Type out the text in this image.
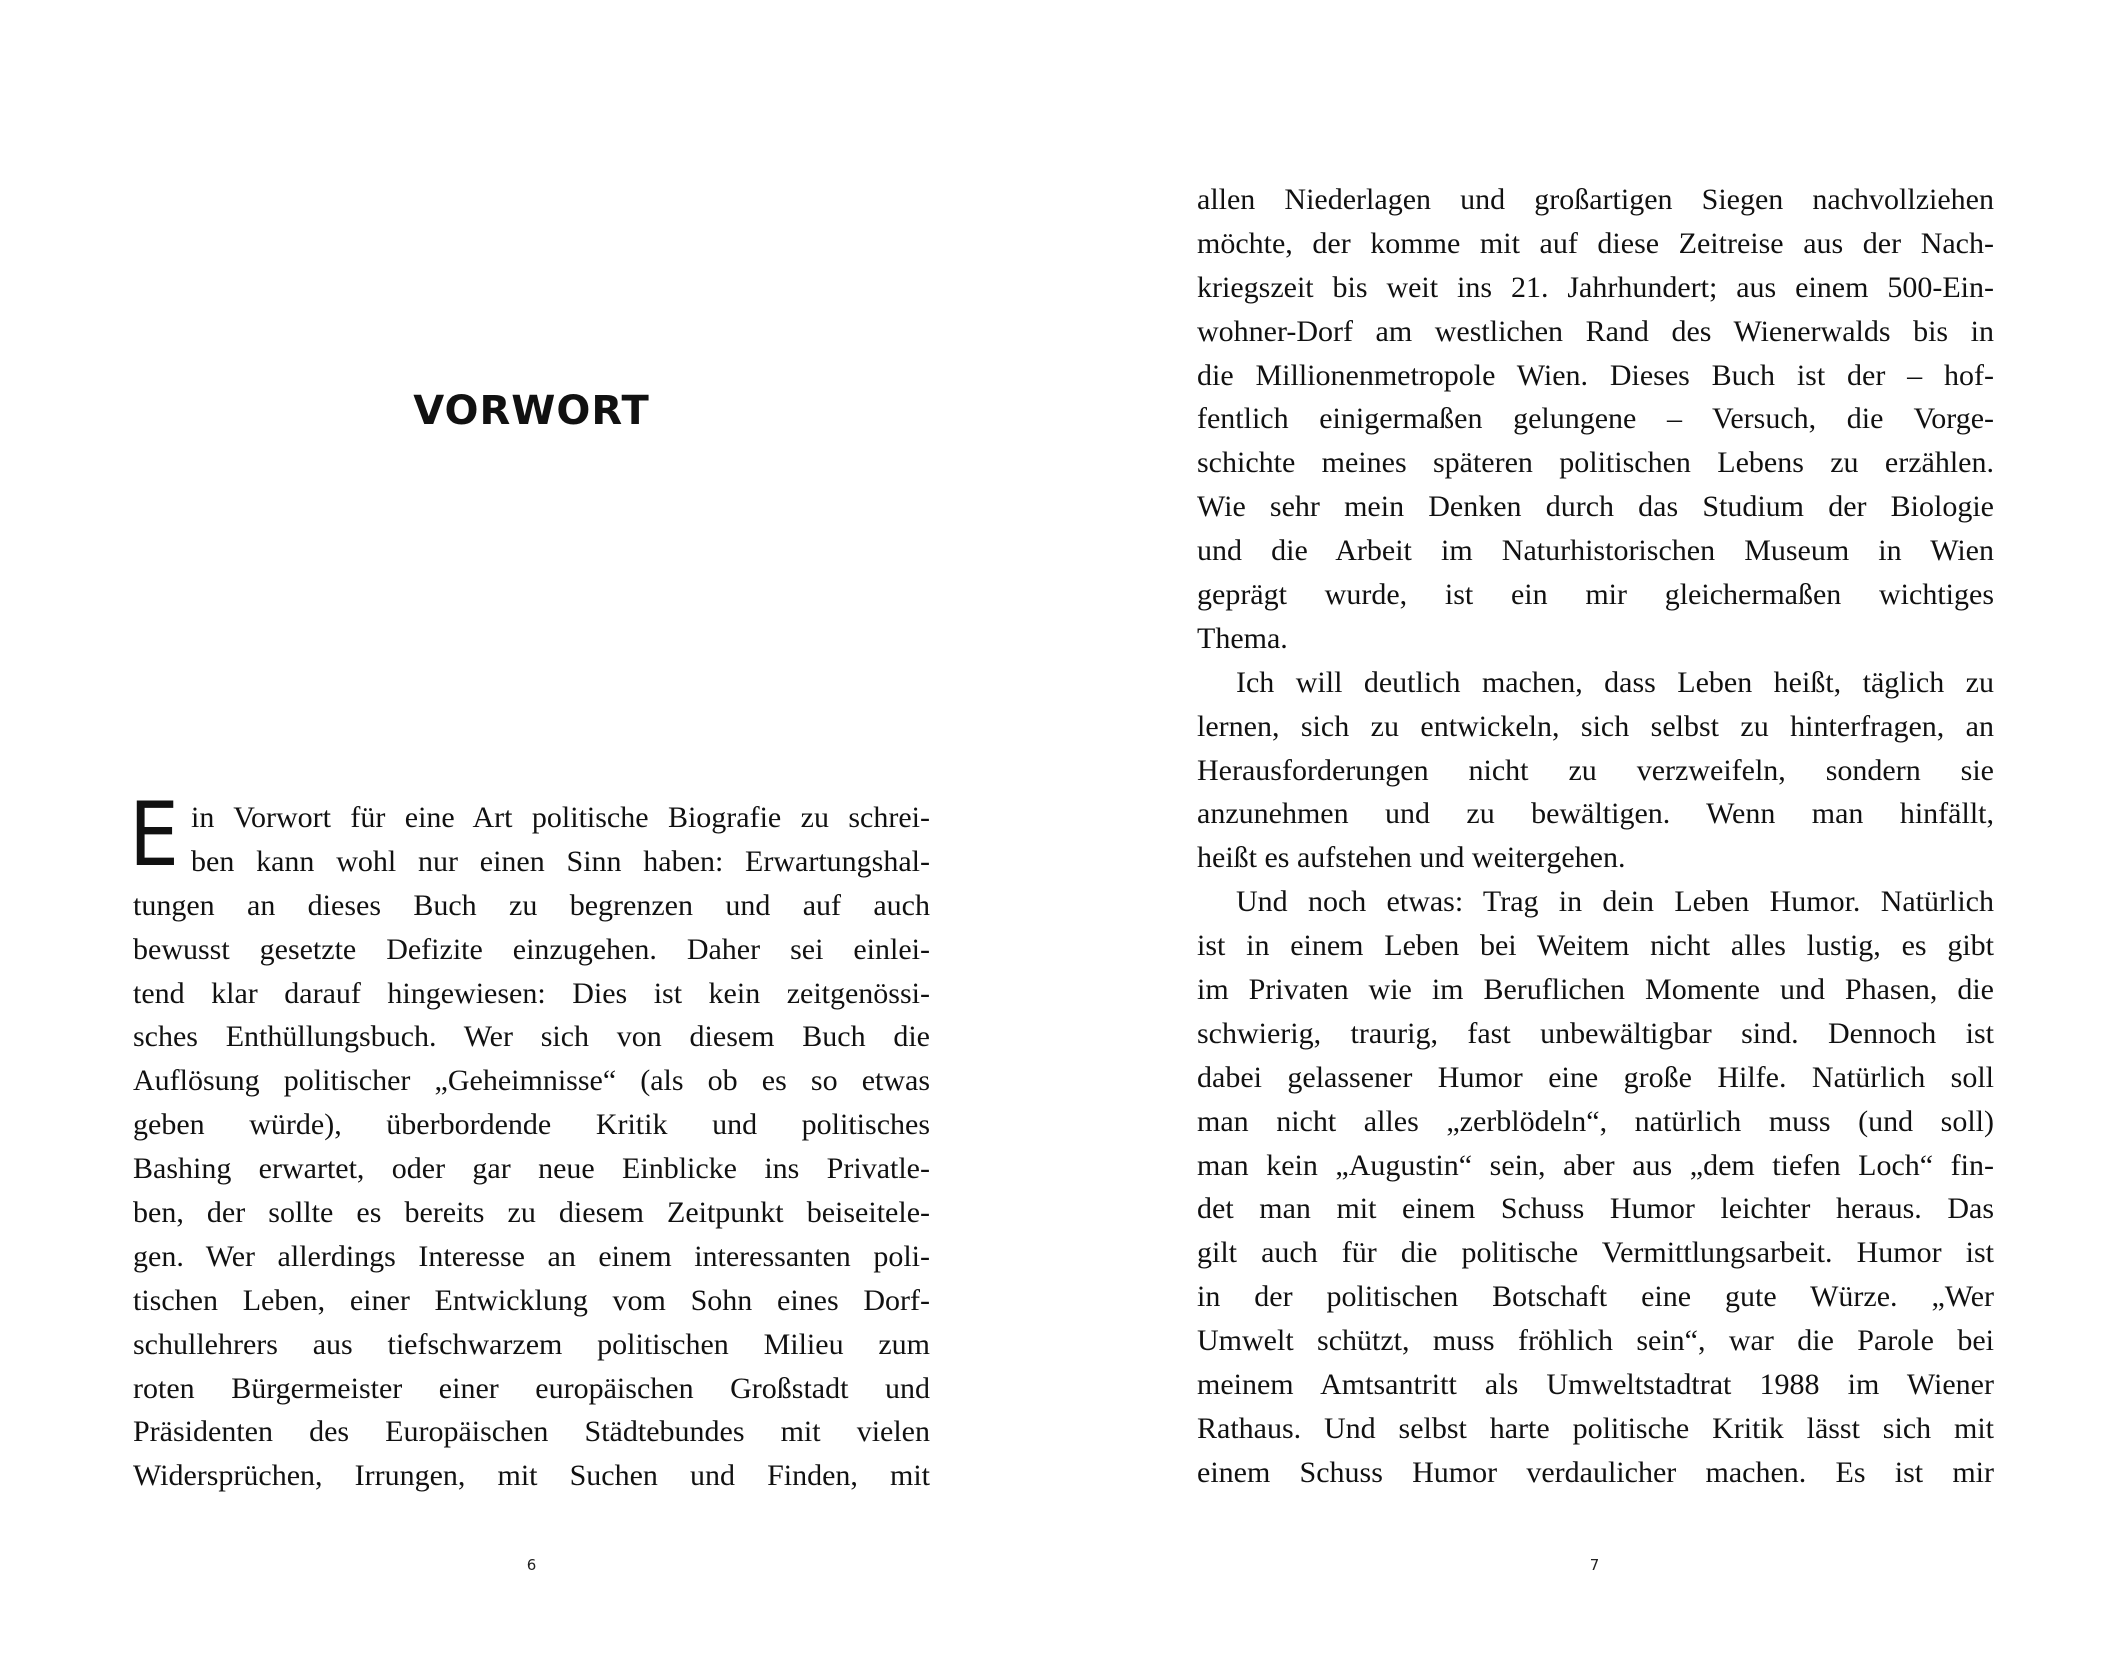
VORWORT
E in Vorwort für eine Art politische Biografie zu schrei-
ben kann wohl nur einen Sinn haben: Erwartungshal-
tungen an dieses Buch zu begrenzen und auf auch
bewusst gesetzte Defizite einzugehen. Daher sei einlei-
tend klar darauf hingewiesen: Dies ist kein zeitgenössi-
sches Enthüllungsbuch. Wer sich von diesem Buch die
Auflösung politischer „Geheimnisse“ (als ob es so etwas
geben würde), überbordende Kritik und politisches
Bashing erwartet, oder gar neue Einblicke ins Privatle-
ben, der sollte es bereits zu diesem Zeitpunkt beiseitele-
gen. Wer allerdings Interesse an einem interessanten poli-
tischen Leben, einer Entwicklung vom Sohn eines Dorf-
schullehrers aus tiefschwarzem politischen Milieu zum
roten Bürgermeister einer europäischen Großstadt und
Präsidenten des Europäischen Städtebundes mit vielen
Widersprüchen, Irrungen, mit Suchen und Finden, mit
6
allen Niederlagen und großartigen Siegen nachvollziehen
möchte, der komme mit auf diese Zeitreise aus der Nach-
kriegszeit bis weit ins 21. Jahrhundert; aus einem 500-Ein-
wohner-Dorf am westlichen Rand des Wienerwalds bis in
die Millionenmetropole Wien. Dieses Buch ist der – hof-
fentlich einigermaßen gelungene – Versuch, die Vorge-
schichte meines späteren politischen Lebens zu erzählen.
Wie sehr mein Denken durch das Studium der Biologie
und die Arbeit im Naturhistorischen Museum in Wien
geprägt wurde, ist ein mir gleichermaßen wichtiges
Thema.
Ich will deutlich machen, dass Leben heißt, täglich zu
lernen, sich zu entwickeln, sich selbst zu hinterfragen, an
Herausforderungen nicht zu verzweifeln, sondern sie
anzunehmen und zu bewältigen. Wenn man hinfällt,
heißt es aufstehen und weitergehen.
Und noch etwas: Trag in dein Leben Humor. Natürlich
ist in einem Leben bei Weitem nicht alles lustig, es gibt
im Privaten wie im Beruflichen Momente und Phasen, die
schwierig, traurig, fast unbewältigbar sind. Dennoch ist
dabei gelassener Humor eine große Hilfe. Natürlich soll
man nicht alles „zerblödeln“, natürlich muss (und soll)
man kein „Augustin“ sein, aber aus „dem tiefen Loch“ fin-
det man mit einem Schuss Humor leichter heraus. Das
gilt auch für die politische Vermittlungsarbeit. Humor ist
in der politischen Botschaft eine gute Würze. „Wer
Umwelt schützt, muss fröhlich sein“, war die Parole bei
meinem Amtsantritt als Umweltstadtrat 1988 im Wiener
Rathaus. Und selbst harte politische Kritik lässt sich mit
einem Schuss Humor verdaulicher machen. Es ist mir
7
